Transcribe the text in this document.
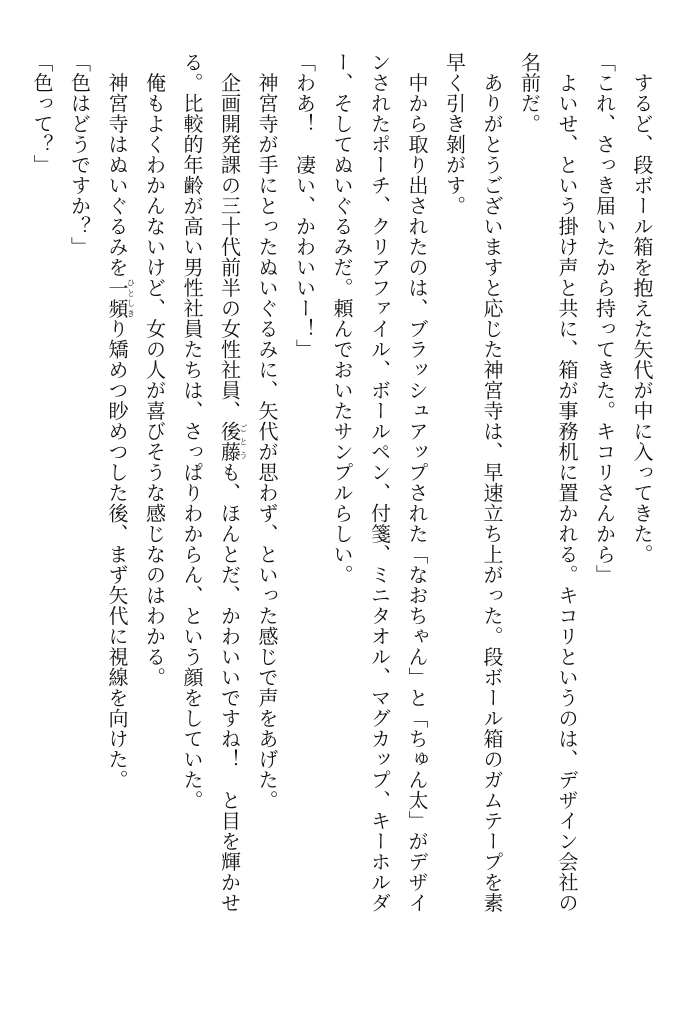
　するど、段ボール箱を抱えた矢代が中に入ってきた。
「これ、さっき届いたから持ってきた。キコリさんから」
　よいせ、という掛け声と共に、箱が事務机に置かれる。キコリというのは、デザイン会社の
名前だ。
　ありがとうございますと応じた神宮寺は、早速立ち上がった。段ボール箱のガムテープを素
早く引き剝がす。
　中から取り出されたのは、ブラッシュアップされた「なおちゃん」と「ちゅん太」がデザイ
ンされたポーチ、クリアファイル、ボールペン、付箋、ミニタオル、マグカップ、キーホルダ
ー、そしてぬいぐるみだ。頼んでおいたサンプルらしい。
「わあ！　凄い、かわいいー！」
　神宮寺が手にとったぬいぐるみに、矢代が思わず、といった感じで声をあげた。
　企画開発課の三十代前半の女性社員、後藤ごとうも、ほんとだ、かわいいですね！　と目を輝かせ
る。比較的年齢が高い男性社員たちは、さっぱりわからん、という顔をしていた。
　俺もよくわかんないけど、女の人が喜びそうな感じなのはわかる。
　神宮寺はぬいぐるみを一頻ひとしきり矯めつ眇めつした後、まず矢代に視線を向けた。
「色はどうですか？」
「色って？」
